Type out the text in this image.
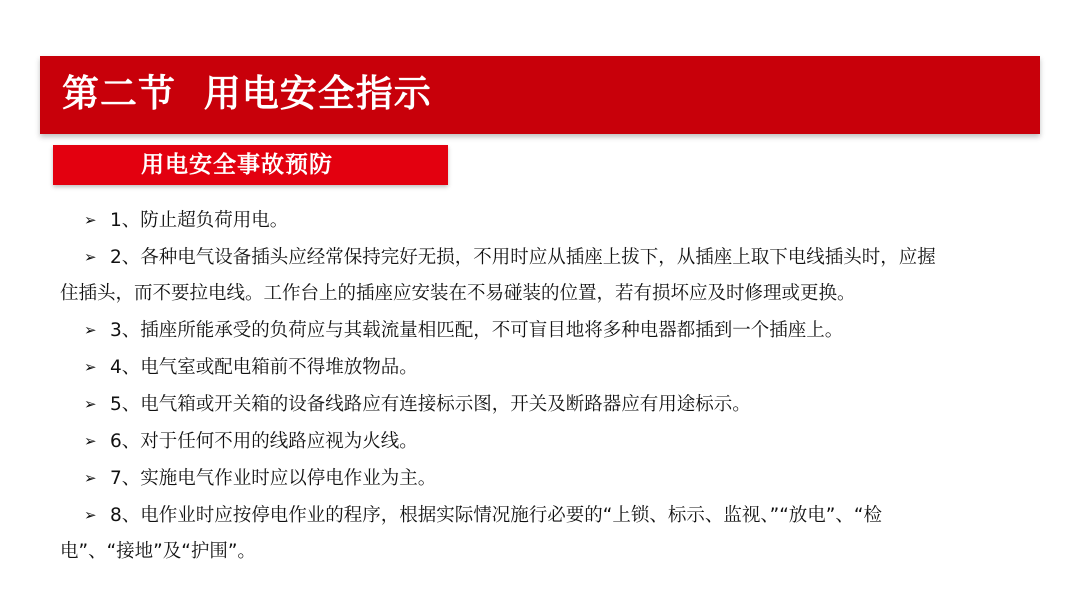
第二节  用电安全指示
用电安全事故预防
➢ 1、防止超负荷用电。
➢ 2、各种电气设备插头应经常保持完好无损，不用时应从插座上拔下，从插座上取下电线插头时，应握
住插头，而不要拉电线。工作台上的插座应安装在不易碰装的位置，若有损坏应及时修理或更换。
➢ 3、插座所能承受的负荷应与其载流量相匹配，不可盲目地将多种电器都插到一个插座上。
➢ 4、电气室或配电箱前不得堆放物品。
➢ 5、电气箱或开关箱的设备线路应有连接标示图，开关及断路器应有用途标示。
➢ 6、对于任何不用的线路应视为火线。
➢ 7、实施电气作业时应以停电作业为主。
➢ 8、电作业时应按停电作业的程序，根据实际情况施行必要的“上锁、标示、监视、”“放电”、“检
电”、“接地”及“护围”。
